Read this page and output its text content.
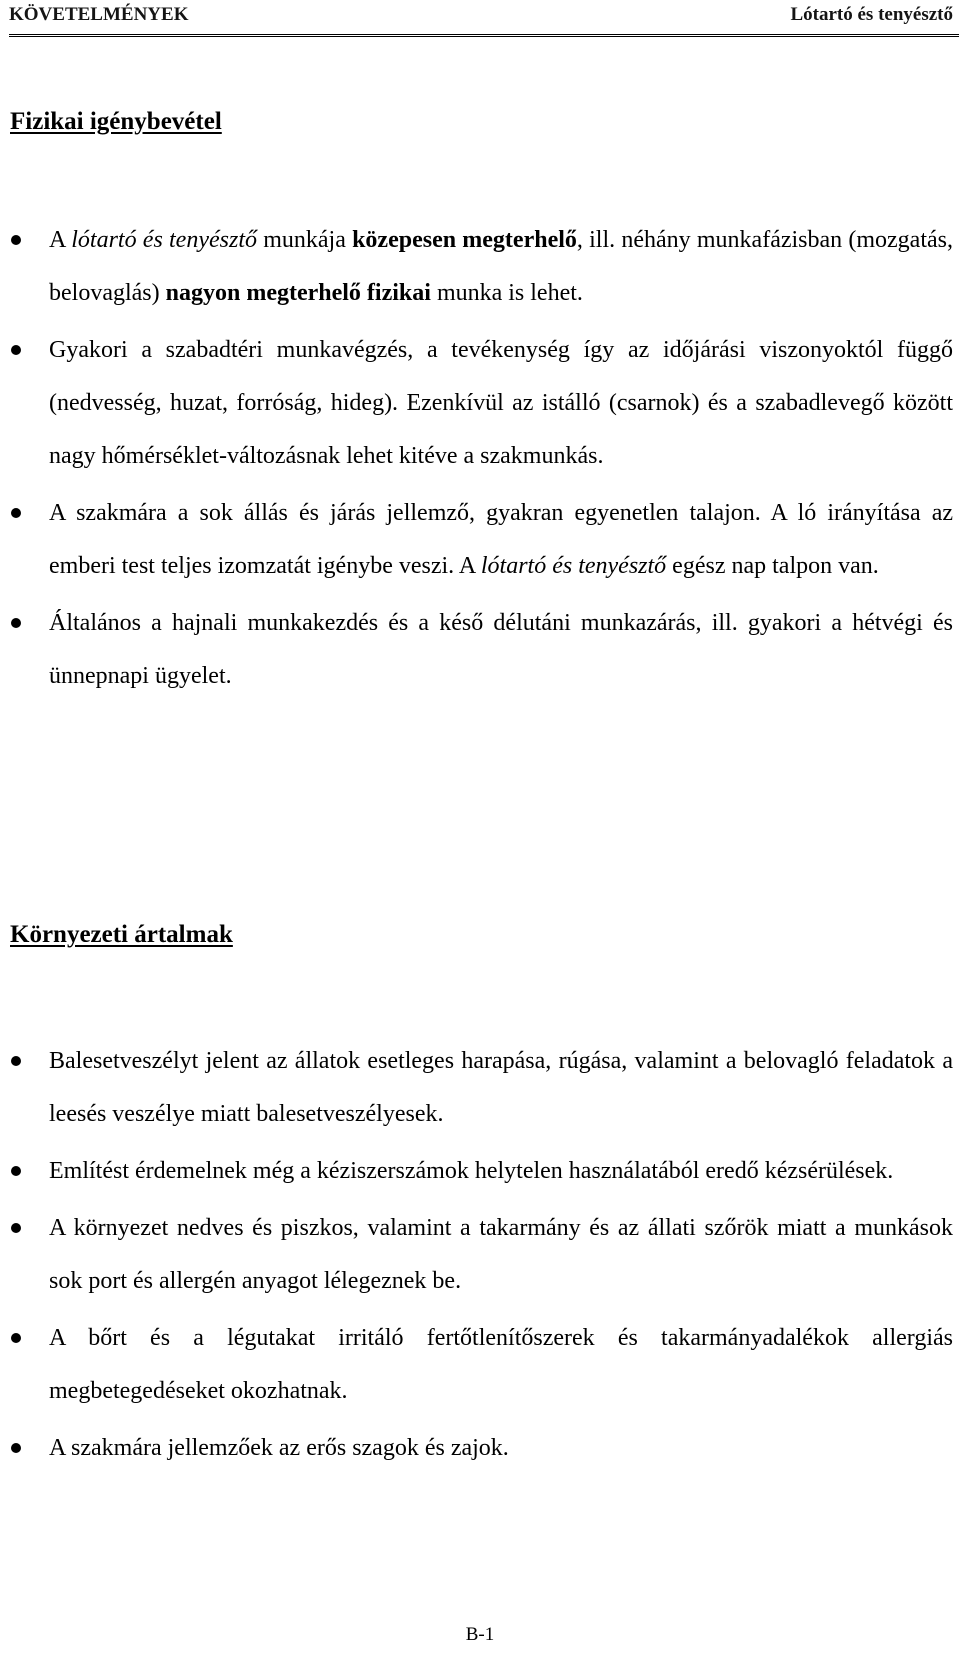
KÖVETELMÉNYEK	Lótartó és tenyésztő
Fizikai igénybevétel
A lótartó és tenyésztő munkája közepesen megterhelő, ill. néhány munkafázisban (mozgatás, belovaglás) nagyon megterhelő fizikai munka is lehet.
Gyakori a szabadtéri munkavégzés, a tevékenység így az időjárási viszonyoktól függő (nedvesség, huzat, forróság, hideg). Ezenkívül az istálló (csarnok) és a szabadlevegő között nagy hőmérséklet-változásnak lehet kitéve a szakmunkás.
A szakmára a sok állás és járás jellemző, gyakran egyenetlen talajon. A ló irányítása az emberi test teljes izomzatát igénybe veszi. A lótartó és tenyésztő egész nap talpon van.
Általános a hajnali munkakezdés és a késő délutáni munkazárás, ill. gyakori a hétvégi és ünnepnapi ügyelet.
Környezeti ártalmak
Balesetveszélyt jelent az állatok esetleges harapása, rúgása, valamint a belovagló feladatok a leesés veszélye miatt balesetveszélyesek.
Említést érdemelnek még a kéziszerszámok helytelen használatából eredő kézsérülések.
A környezet nedves és piszkos, valamint a takarmány és az állati szőrök miatt a munkások sok port és allergén anyagot lélegeznek be.
A bőrt és a légutakat irritáló fertőtlenítőszerek és takarmányadalékok allergiás megbetegedéseket okozhatnak.
A szakmára jellemzőek az erős szagok és zajok.
B-1
